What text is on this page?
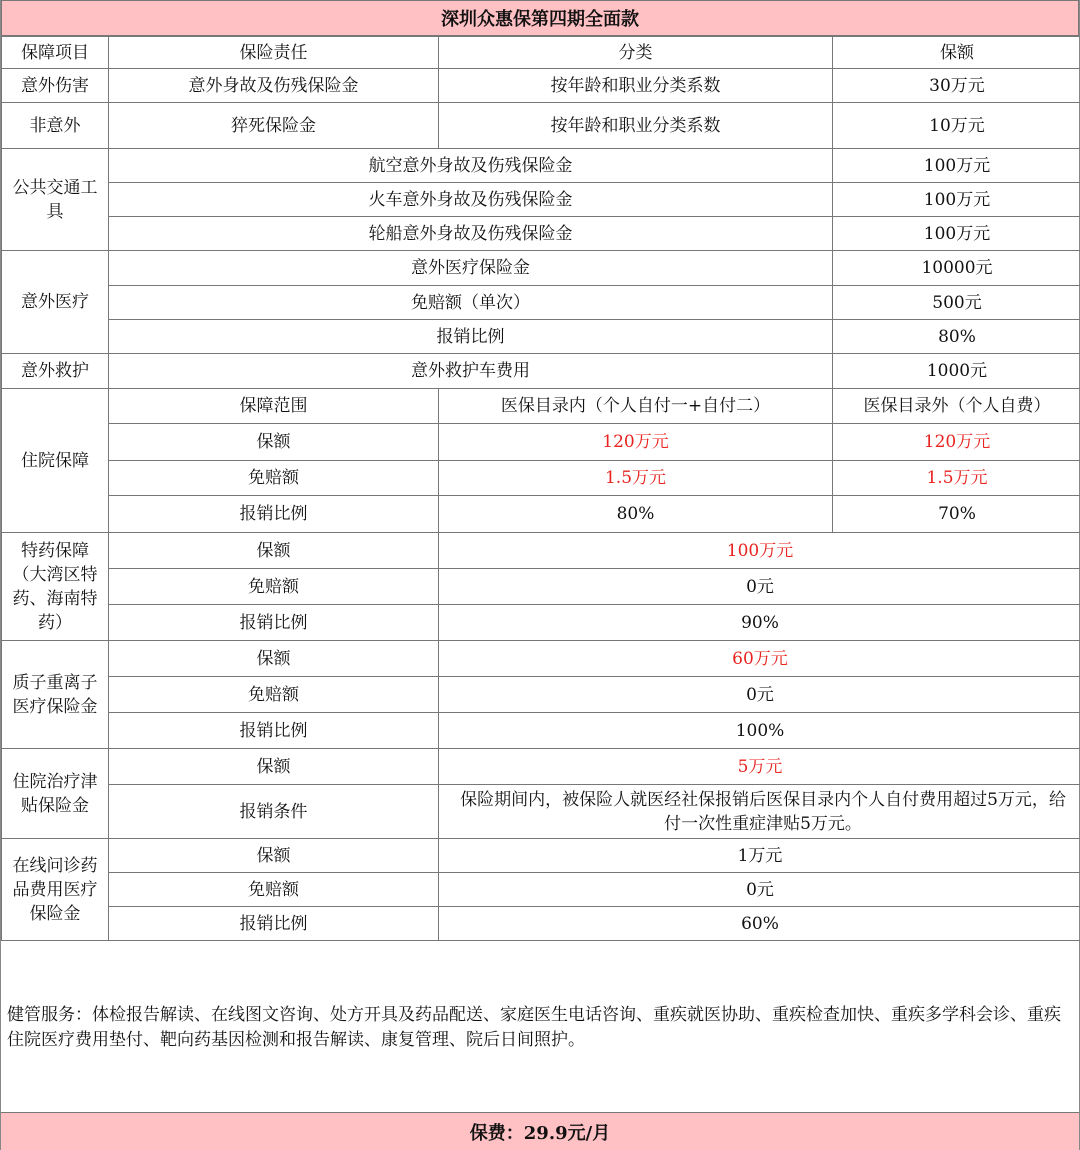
深圳众惠保第四期全面款
保障项目	保险责任	分类	保额
意外伤害	意外身故及伤残保险金	按年龄和职业分类系数	30万元
非意外	猝死保险金	按年龄和职业分类系数	10万元
公共交通工具	航空意外身故及伤残保险金		100万元
	火车意外身故及伤残保险金		100万元
	轮船意外身故及伤残保险金		100万元
意外医疗	意外医疗保险金		10000元
	免赔额（单次）		500元
	报销比例		80%
意外救护	意外救护车费用		1000元
住院保障	保障范围	医保目录内（个人自付一+自付二）	医保目录外（个人自费）
	保额	120万元	120万元
	免赔额	1.5万元	1.5万元
	报销比例	80%	70%
特药保障（大湾区特药、海南特药）	保额	100万元	
	免赔额	0元	
	报销比例	90%	
质子重离子医疗保险金	保额	60万元	
	免赔额	0元	
	报销比例	100%	
住院治疗津贴保险金	保额	5万元	
	报销条件	保险期间内，被保险人就医经社保报销后医保目录内个人自付费用超过5万元，给付一次性重症津贴5万元。	
在线问诊药品费用医疗保险金	保额	1万元	
	免赔额	0元	
	报销比例	60%	
健管服务：体检报告解读、在线图文咨询、处方开具及药品配送、家庭医生电话咨询、重疾就医协助、重疾检查加快、重疾多学科会诊、重疾住院医疗费用垫付、靶向药基因检测和报告解读、康复管理、院后日间照护。
保费：29.9元/月
